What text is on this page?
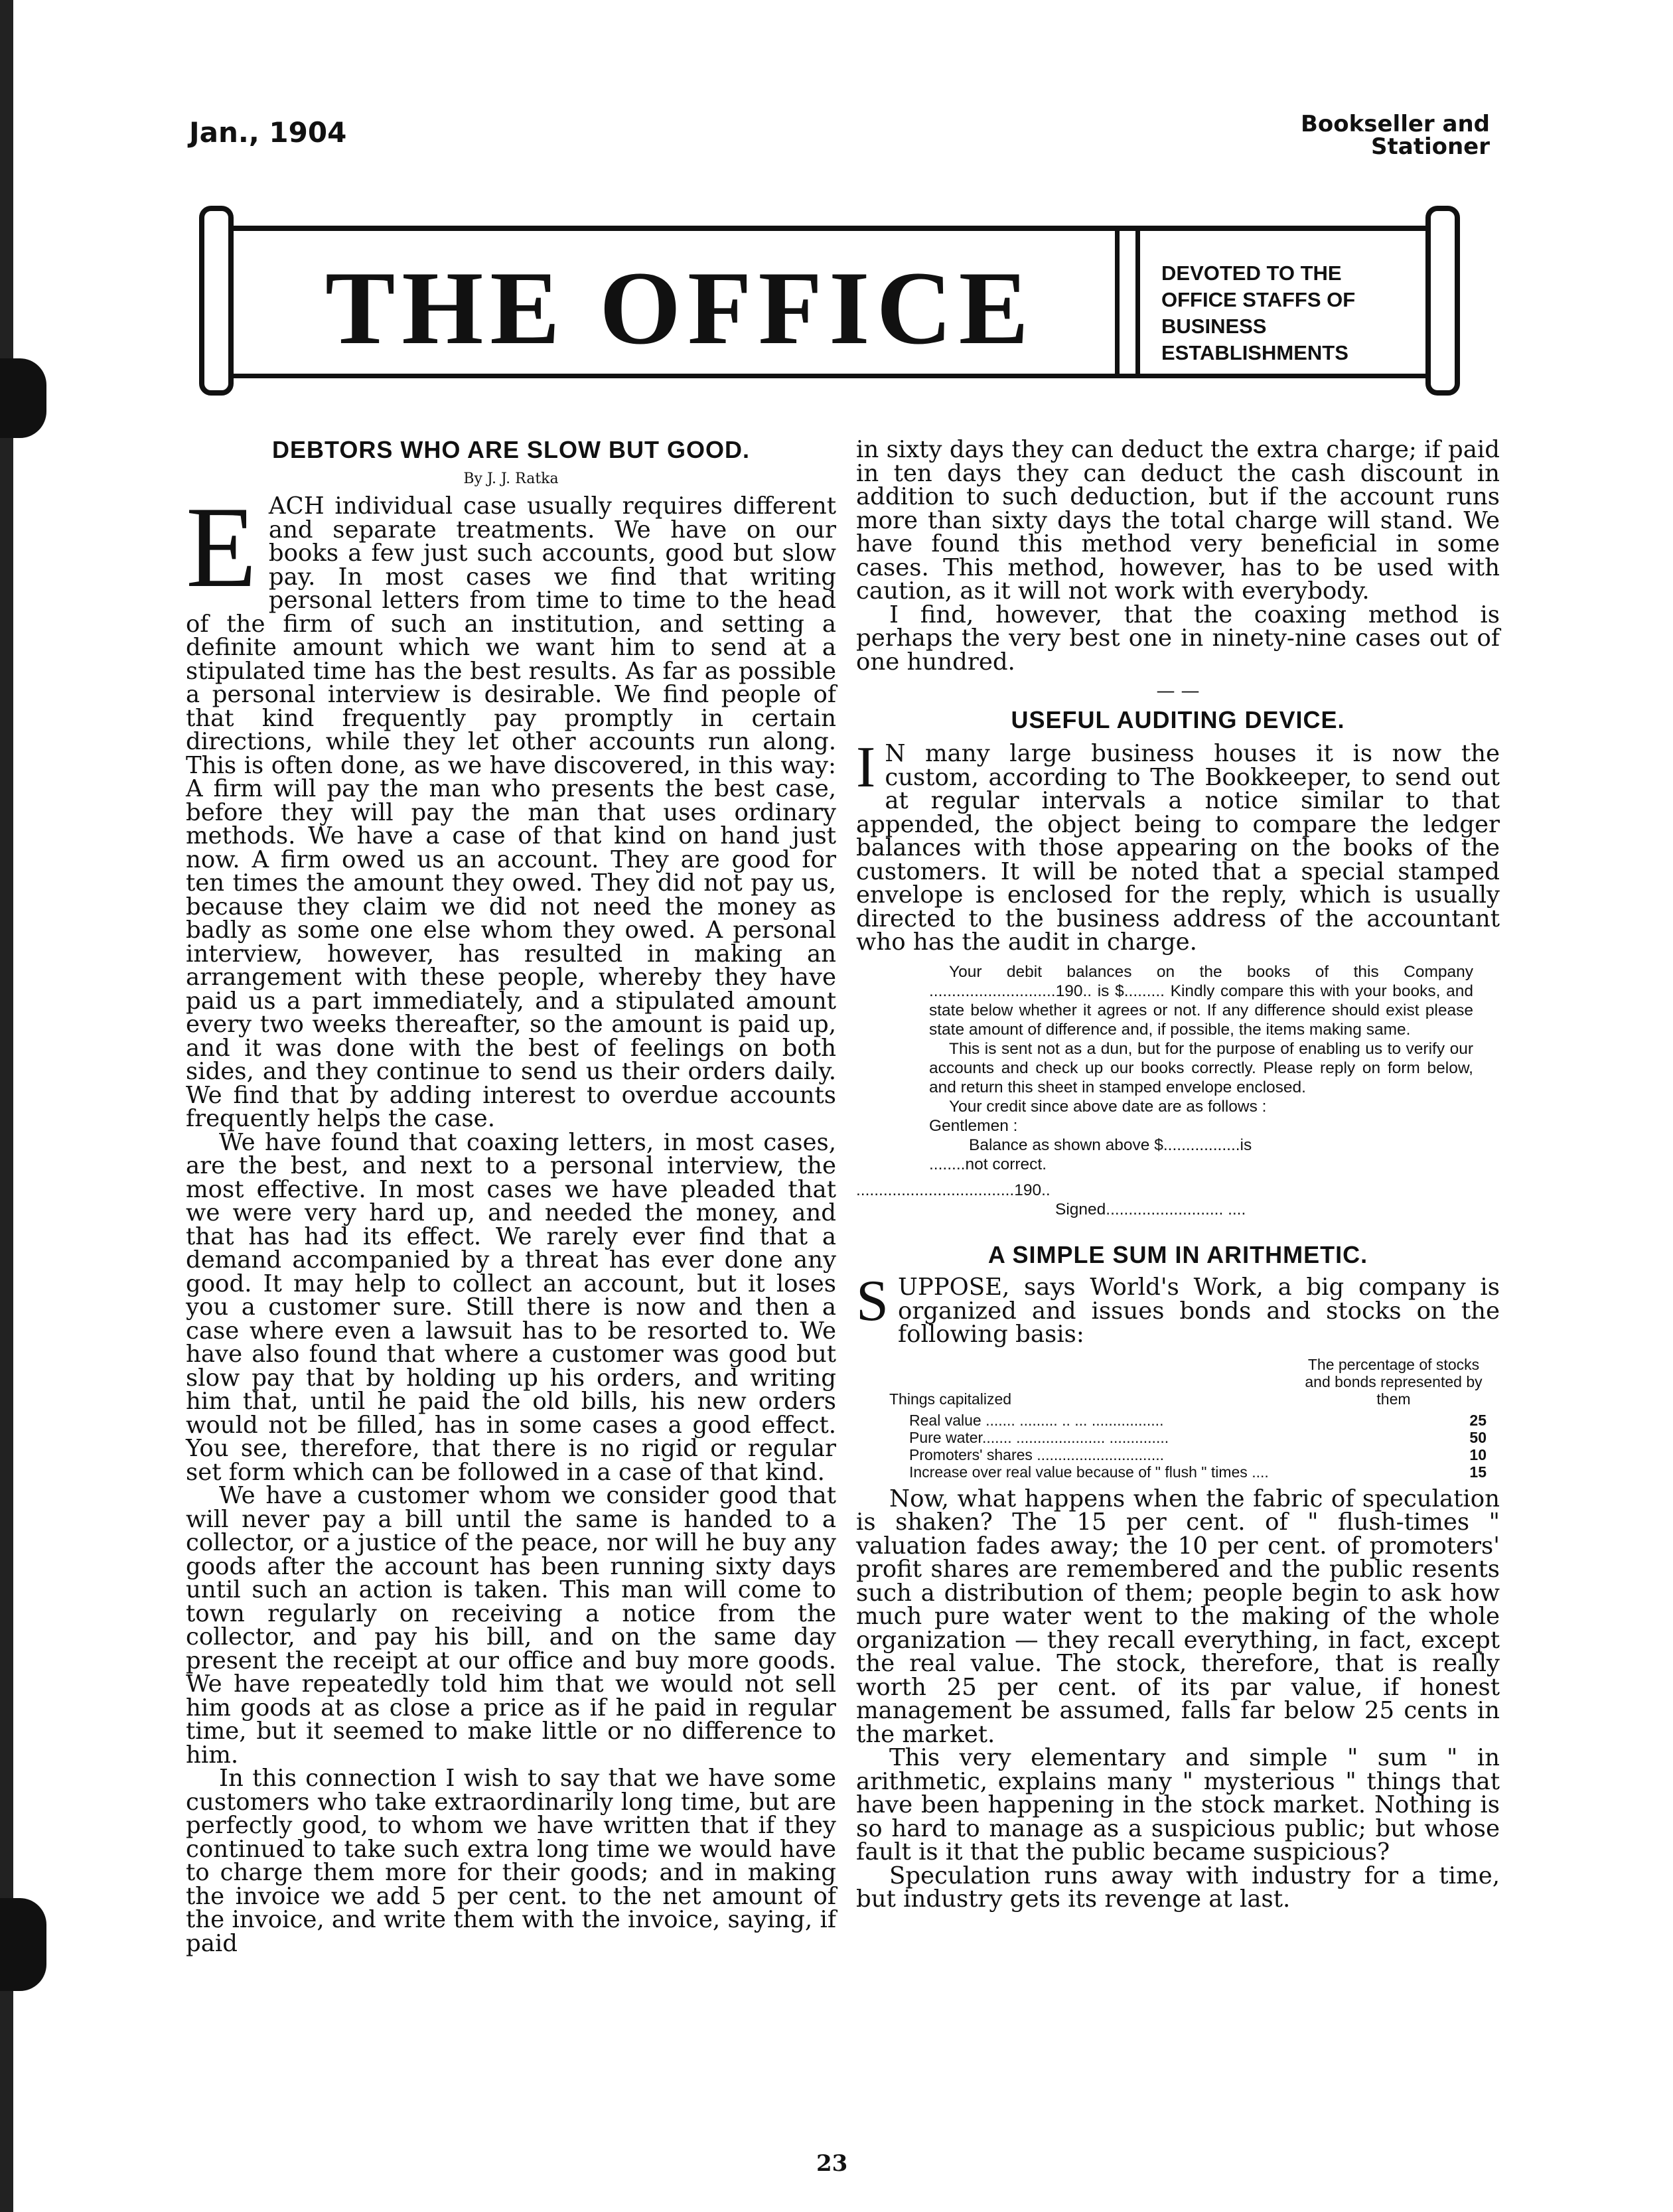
Jan., 1904	Bookseller and
Stationer
THE OFFICE	DEVOTED TO THE OFFICE STAFFS OF BUSINESS ESTABLISHMENTS
DEBTORS WHO ARE SLOW BUT GOOD.
By J. J. Ratka
E ACH individual case usually requires different and separate treatments. We have on our books a few just such accounts, good but slow pay. In most cases we find that writing personal letters from time to time to the head of the firm of such an institution, and setting a definite amount which we want him to send at a stipulated time has the best results. As far as possible a personal interview is desirable. We find people of that kind frequently pay promptly in certain directions, while they let other accounts run along. This is often done, as we have discovered, in this way: A firm will pay the man who presents the best case, before they will pay the man that uses ordinary methods. We have a case of that kind on hand just now. A firm owed us an account. They are good for ten times the amount they owed. They did not pay us, because they claim we did not need the money as badly as some one else whom they owed. A personal interview, however, has resulted in making an arrangement with these people, whereby they have paid us a part immediately, and a stipulated amount every two weeks thereafter, so the amount is paid up, and it was done with the best of feelings on both sides, and they continue to send us their orders daily. We find that by adding interest to overdue accounts frequently helps the case.

We have found that coaxing letters, in most cases, are the best, and next to a personal interview, the most effective. In most cases we have pleaded that we were very hard up, and needed the money, and that has had its effect. We rarely ever find that a demand accompanied by a threat has ever done any good. It may help to collect an account, but it loses you a customer sure. Still there is now and then a case where even a lawsuit has to be resorted to. We have also found that where a customer was good but slow pay that by holding up his orders, and writing him that, until he paid the old bills, his new orders would not be filled, has in some cases a good effect. You see, therefore, that there is no rigid or regular set form which can be followed in a case of that kind.

We have a customer whom we consider good that will never pay a bill until the same is handed to a collector, or a justice of the peace, nor will he buy any goods after the account has been running sixty days until such an action is taken. This man will come to town regularly on receiving a notice from the collector, and pay his bill, and on the same day present the receipt at our office and buy more goods. We have repeatedly told him that we would not sell him goods at as close a price as if he paid in regular time, but it seemed to make little or no difference to him.

In this connection I wish to say that we have some customers who take extraordinarily long time, but are perfectly good, to whom we have written that if they continued to take such extra long time we would have to charge them more for their goods; and in making the invoice we add 5 per cent. to the net amount of the invoice, and write them with the invoice, saying, if paid

in sixty days they can deduct the extra charge; if paid in ten days they can deduct the cash discount in addition to such deduction, but if the account runs more than sixty days the total charge will stand. We have found this method very beneficial in some cases. This method, however, has to be used with caution, as it will not work with everybody.

I find, however, that the coaxing method is perhaps the very best one in ninety-nine cases out of one hundred.

— —
USEFUL AUDITING DEVICE.
I N many large business houses it is now the custom, according to The Bookkeeper, to send out at regular intervals a notice similar to that appended, the object being to compare the ledger balances with those appearing on the books of the customers. It will be noted that a special stamped envelope is enclosed for the reply, which is usually directed to the business address of the accountant who has the audit in charge.

Your debit balances on the books of this Company ............................190.. is $......... Kindly compare this with your books, and state below whether it agrees or not. If any difference should exist please state amount of difference and, if possible, the items making same.

This is sent not as a dun, but for the purpose of enabling us to verify our accounts and check up our books correctly. Please reply on form below, and return this sheet in stamped envelope enclosed.

Your credit since above date are as follows :

Gentlemen :
Balance as shown above $.................is
........not correct.
...................................190..
Signed.......................... ....
A SIMPLE SUM IN ARITHMETIC.
S UPPOSE, says World's Work, a big company is organized and issues bonds and stocks on the following basis:

Things capitalized
The percentage of stocks and bonds represented by them
Real value ....... ......... .. ... .................	25
Pure water....... ..................... ..............	50
Promoters' shares ..............................	10
Increase over real value because of " flush " times ....	15

Now, what happens when the fabric of speculation is shaken? The 15 per cent. of " flush-times " valuation fades away; the 10 per cent. of promoters' profit shares are remembered and the public resents such a distribution of them; people begin to ask how much pure water went to the making of the whole organization — they recall everything, in fact, except the real value. The stock, therefore, that is really worth 25 per cent. of its par value, if honest management be assumed, falls far below 25 cents in the market.

This very elementary and simple " sum " in arithmetic, explains many " mysterious " things that have been happening in the stock market. Nothing is so hard to manage as a suspicious public; but whose fault is it that the public became suspicious?

Speculation runs away with industry for a time, but industry gets its revenge at last.

23
